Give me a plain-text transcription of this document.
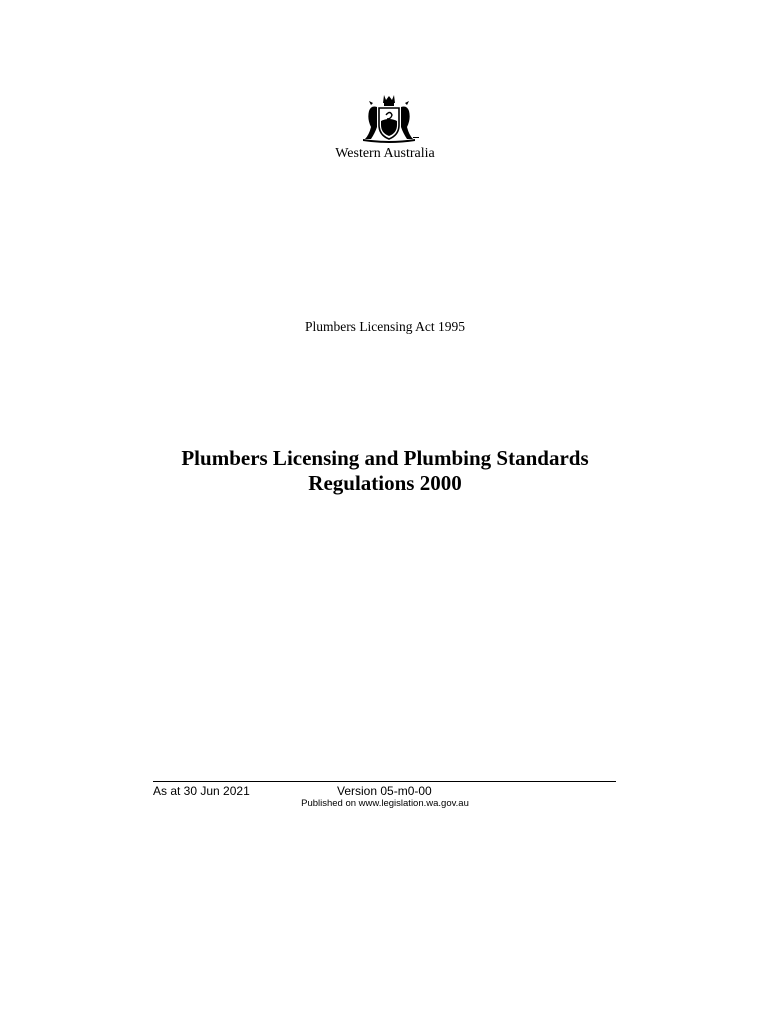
Western Australia
Plumbers Licensing Act 1995
Plumbers Licensing and Plumbing Standards
Regulations 2000
As at 30 Jun 2021	Version 05-m0-00
Published on www.legislation.wa.gov.au
